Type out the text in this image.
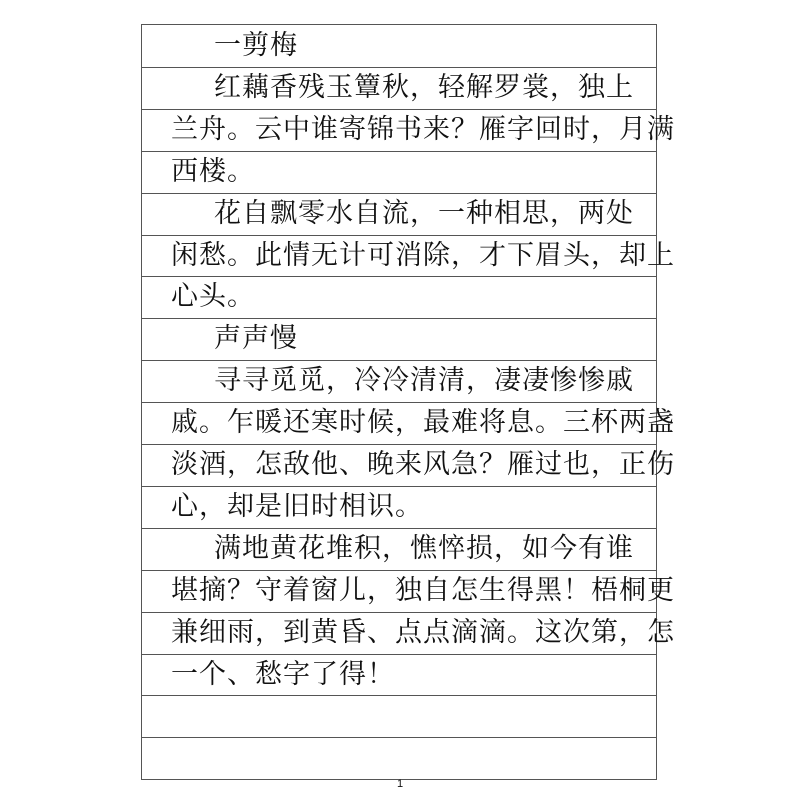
一剪梅
红藕香残玉簟秋，轻解罗裳，独上
兰舟。云中谁寄锦书来？雁字回时，月满
西楼。
花自飘零水自流，一种相思，两处
闲愁。此情无计可消除，才下眉头，却上
心头。
声声慢
寻寻觅觅，冷冷清清，凄凄惨惨戚
戚。乍暖还寒时候，最难将息。三杯两盏
淡酒，怎敌他、晚来风急？雁过也，正伤
心，却是旧时相识。
满地黄花堆积，憔悴损，如今有谁
堪摘？守着窗儿，独自怎生得黑！梧桐更
兼细雨，到黄昏、点点滴滴。这次第，怎
一个、愁字了得！
1
